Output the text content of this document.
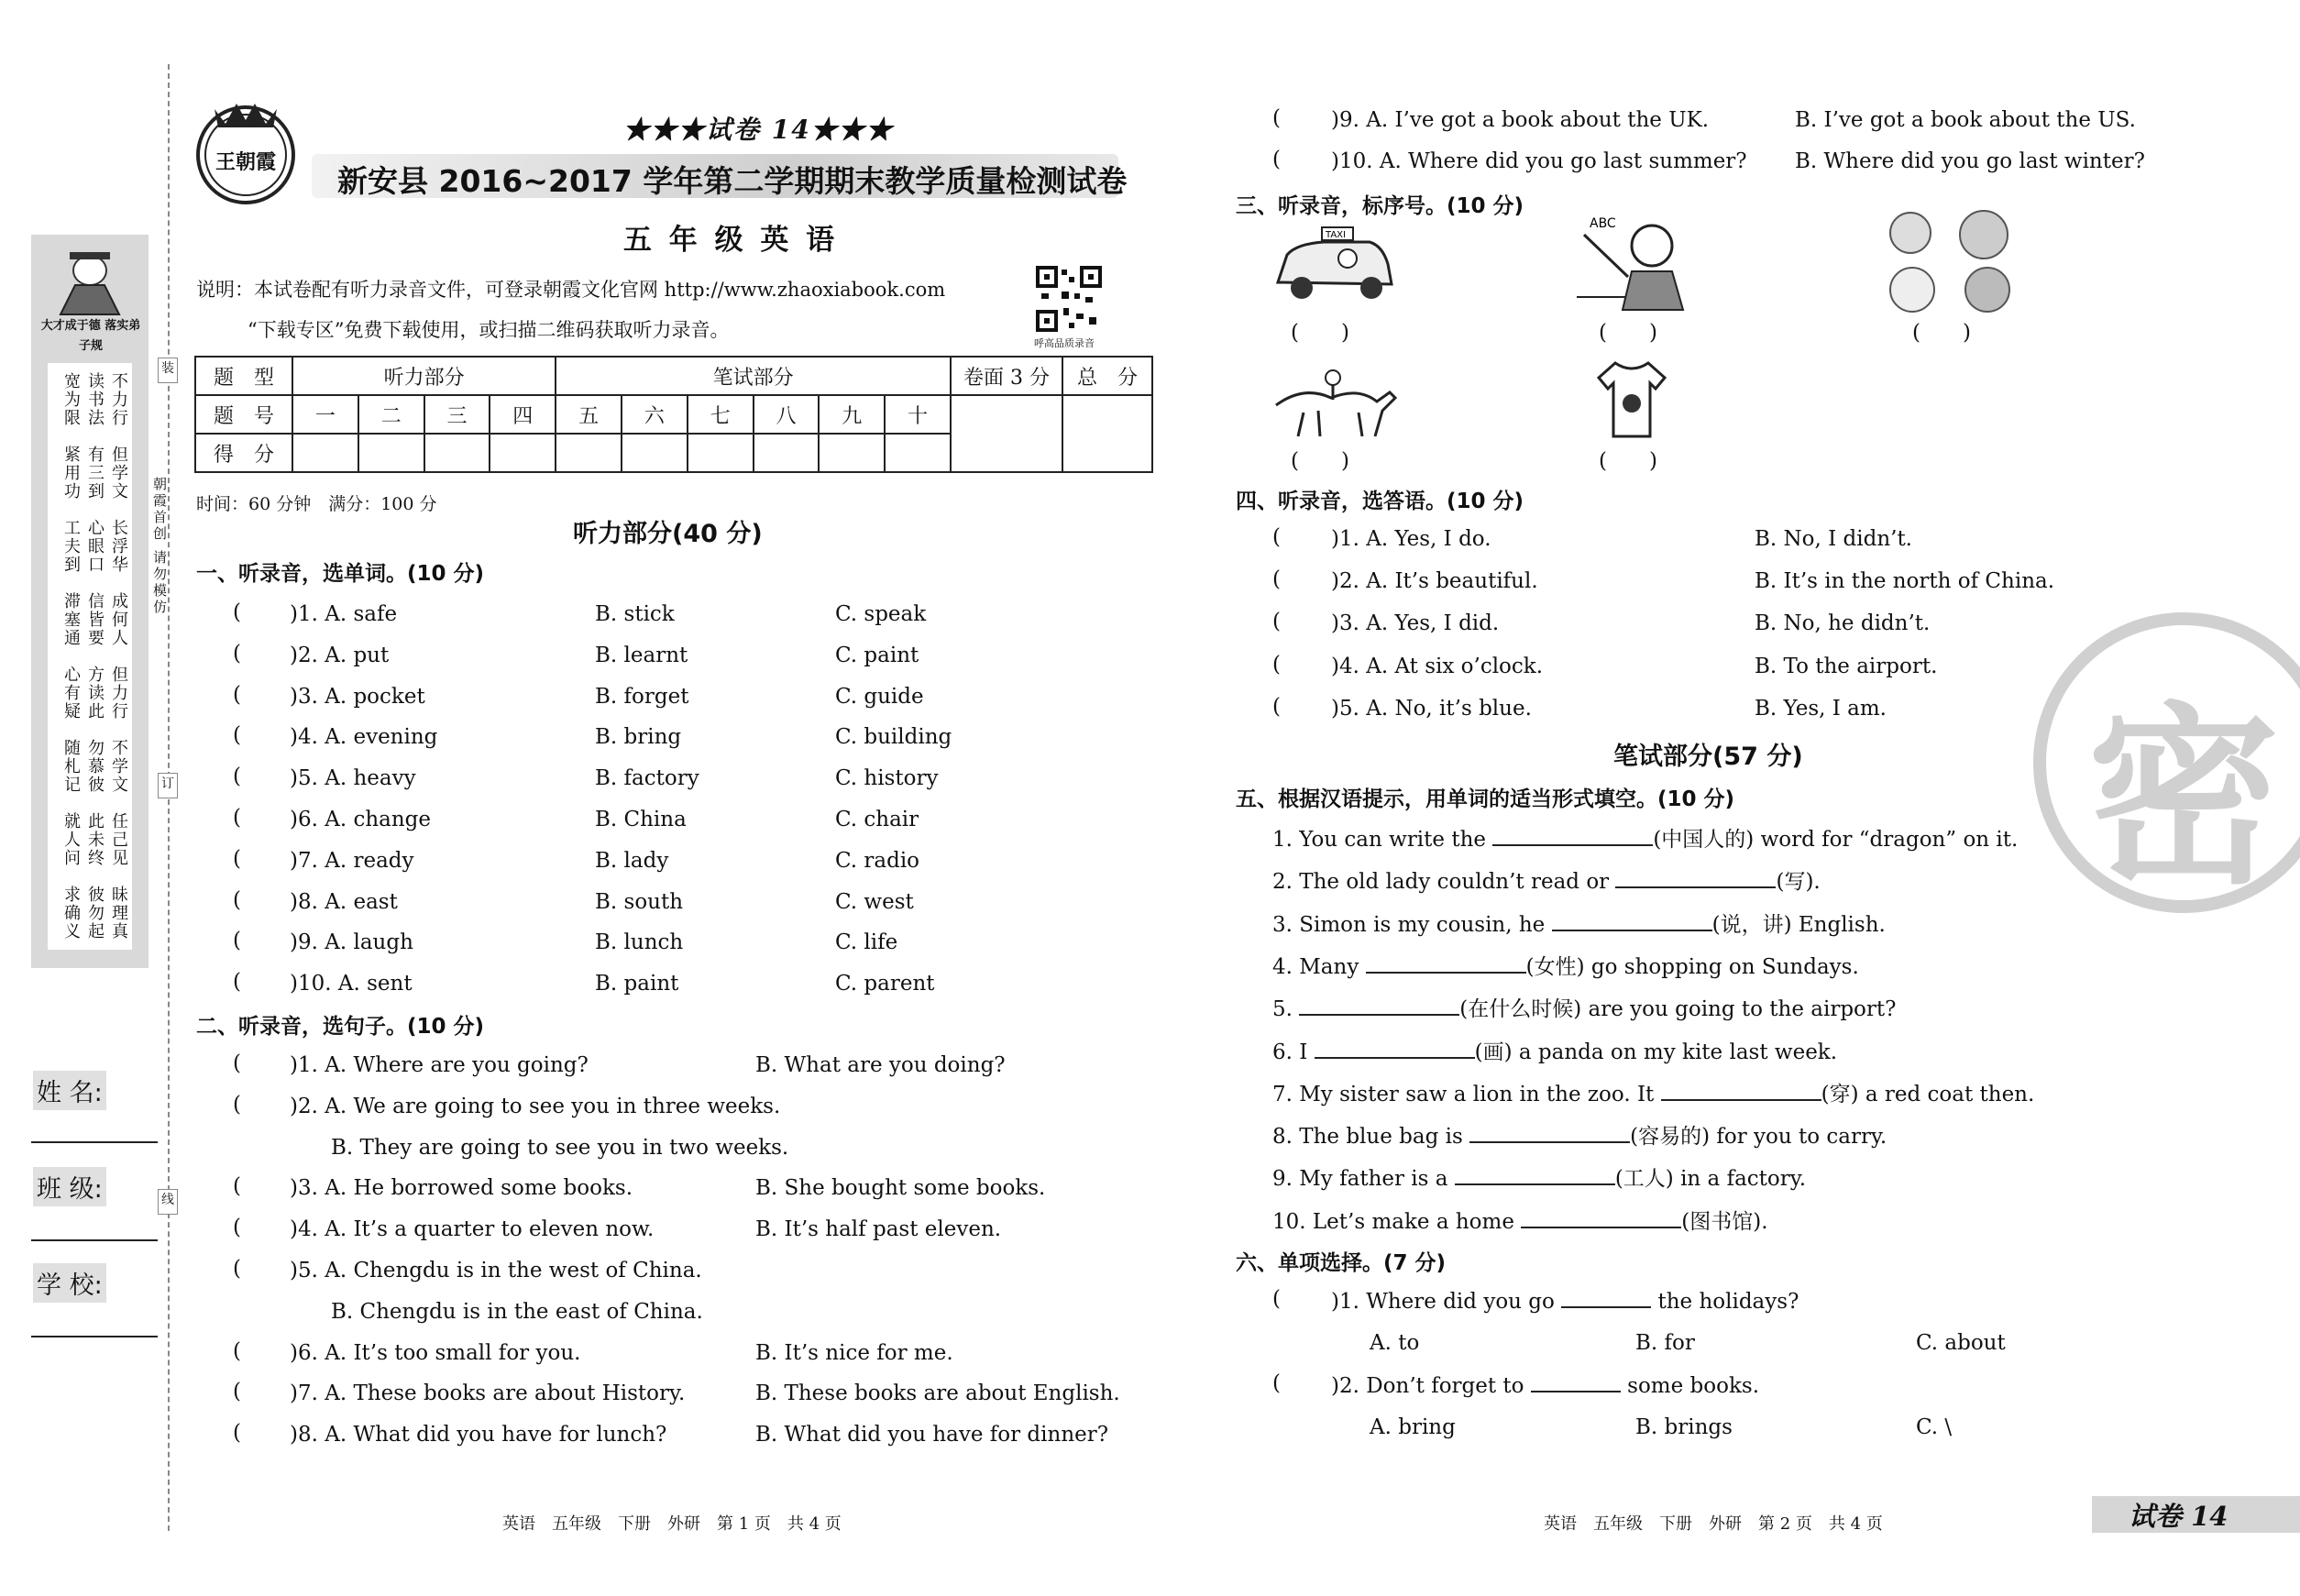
大才成于德 落实弟子规
宽为限 读书法 不力行
紧用功 有三到 但学文
工夫到 心眼口 长浮华
滞塞通 信皆要 成何人
心有疑 方读此 但力行
随札记 勿慕彼 不学文
就人问 此未终 任己见
求确义 彼勿起 昧理真
朝霞首创 请勿模仿
装
订
线
姓 名:
班 级:
学 校:
王朝霞
★★★试卷 14★★★
新安县 2016~2017 学年第二学期期末教学质量检测试卷
五 年 级 英 语
说明：本试卷配有听力录音文件，可登录朝霞文化官网 http://www.zhaoxiabook.com
“下载专区”免费下载使用，或扫描二维码获取听力录音。
呼高品质录音
题　型	听力部分				笔试部分						卷面 3 分	总　分
题　号	一	二	三	四	五	六	七	八	九	十		
得　分												
时间：60 分钟　满分：100 分
听力部分(40 分)
一、听录音，选单词。(10 分)
( )1. A. safe	B. stick	C. speak
( )2. A. put	B. learnt	C. paint
( )3. A. pocket	B. forget	C. guide
( )4. A. evening	B. bring	C. building
( )5. A. heavy	B. factory	C. history
( )6. A. change	B. China	C. chair
( )7. A. ready	B. lady	C. radio
( )8. A. east	B. south	C. west
( )9. A. laugh	B. lunch	C. life
( )10. A. sent	B. paint	C. parent
二、听录音，选句子。(10 分)
( )1. A. Where are you going?	B. What are you doing?
( )2. A. We are going to see you in three weeks.
B. They are going to see you in two weeks.
( )3. A. He borrowed some books.	B. She bought some books.
( )4. A. It’s a quarter to eleven now.	B. It’s half past eleven.
( )5. A. Chengdu is in the west of China.
B. Chengdu is in the east of China.
( )6. A. It’s too small for you.	B. It’s nice for me.
( )7. A. These books are about History.	B. These books are about English.
( )8. A. What did you have for lunch?	B. What did you have for dinner?
英语　五年级　下册　外研　第 1 页　共 4 页
( )9. A. I’ve got a book about the UK.	B. I’ve got a book about the US.
( )10. A. Where did you go last summer? B. Where did you go last winter?
三、听录音，标序号。(10 分)
TAXI
(　　)
ABC
(　　)	(　　)
(　　)	(　　)
四、听录音，选答语。(10 分)
( )1. A. Yes, I do.	B. No, I didn’t.
( )2. A. It’s beautiful.	B. It’s in the north of China.
( )3. A. Yes, I did.	B. No, he didn’t.
( )4. A. At six o’clock.	B. To the airport.
( )5. A. No, it’s blue.	B. Yes, I am.
笔试部分(57 分)
五、根据汉语提示，用单词的适当形式填空。(10 分)
1. You can write the	(中国人的) word for “dragon” on it.
2. The old lady couldn’t read or	(写).
3. Simon is my cousin, he	(说，讲) English.
4. Many	(女性) go shopping on Sundays.
5.	(在什么时候) are you going to the airport?
6. I	(画) a panda on my kite last week.
7. My sister saw a lion in the zoo. It	(穿) a red coat then.
8. The blue bag is	(容易的) for you to carry.
9. My father is a	(工人) in a factory.
10. Let’s make a home	(图书馆).
六、单项选择。(7 分)
( )1. Where did you go	the holidays?
A. to	B. for	C. about
( )2. Don’t forget to	some books.
A. bring	B. brings	C. \
密
英语　五年级　下册　外研　第 2 页　共 4 页	试卷 14
